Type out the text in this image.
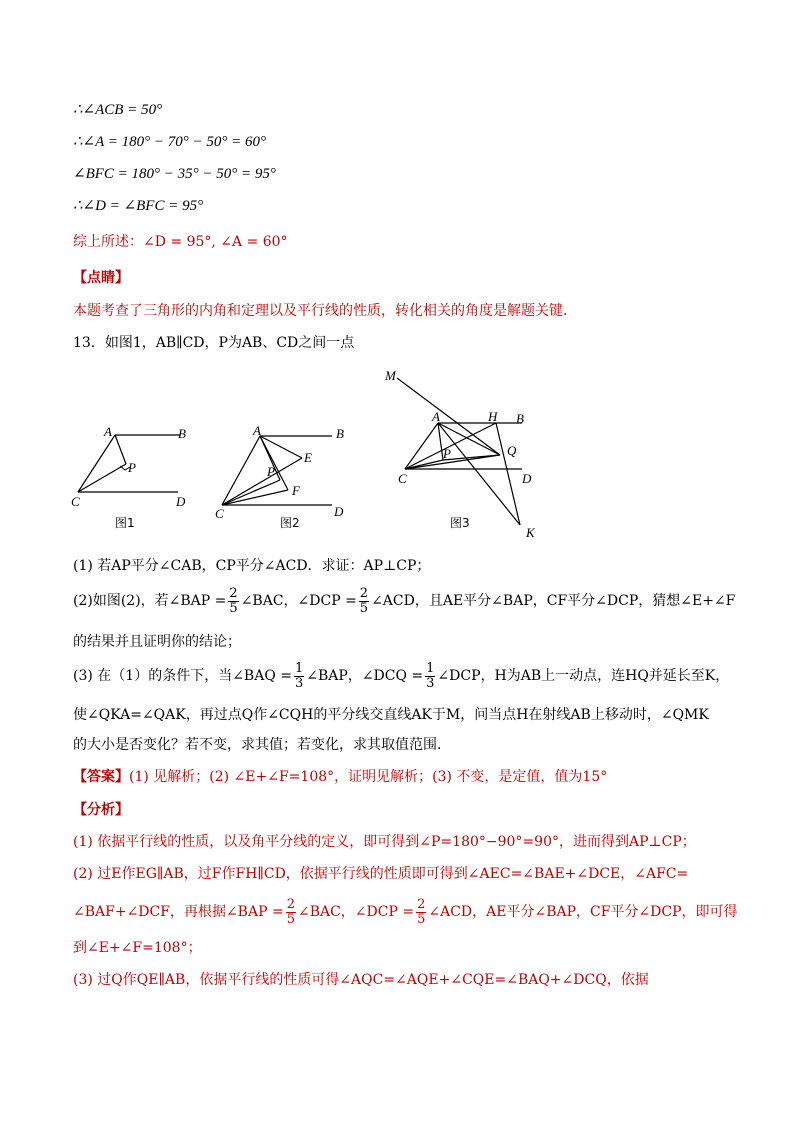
∴∠ACB = 50°
∴∠A = 180° − 70° − 50° = 60°
∠BFC = 180° − 35° − 50° = 95°
∴∠D = ∠BFC = 95°
综上所述：∠D = 95°, ∠A = 60°
【点睛】
本题考查了三角形的内角和定理以及平行线的性质，转化相关的角度是解题关键．
13．如图1，AB∥CD，P为AB、CD之间一点
A	B
C	D
P
图1
A	B
C	D
P
E
F
图2
M
A	H B
P	Q
C	D
K
图3
(1) 若AP平分∠CAB，CP平分∠ACD．求证：AP⊥CP；
(2)如图(2)，若∠BAP = $\frac{2}{5}$ ∠BAC，∠DCP = $\frac{2}{5}$ ∠ACD，且AE平分∠BAP，CF平分∠DCP，猜想∠E+∠F
的结果并且证明你的结论；
(3) 在（1）的条件下，当∠BAQ = $\frac{1}{3}$ ∠BAP，∠DCQ = $\frac{1}{3}$ ∠DCP，H为AB上一动点，连HQ并延长至K，
使∠QKA=∠QAK，再过点Q作∠CQH的平分线交直线AK于M，问当点H在射线AB上移动时，∠QMK
的大小是否变化？若不变，求其值；若变化，求其取值范围．
【答案】(1) 见解析；(2) ∠E+∠F=108°，证明见解析；(3) 不变，是定值，值为15°
【分析】
(1) 依据平行线的性质，以及角平分线的定义，即可得到∠P=180°−90°=90°，进而得到AP⊥CP；
(2) 过E作EG∥AB，过F作FH∥CD，依据平行线的性质即可得到∠AEC=∠BAE+∠DCE，∠AFC=
∠BAF+∠DCF，再根据∠BAP = $\frac{2}{5}$ ∠BAC，∠DCP = $\frac{2}{5}$ ∠ACD，AE平分∠BAP，CF平分∠DCP，即可得
到∠E+∠F=108°；
(3) 过Q作QE∥AB，依据平行线的性质可得∠AQC=∠AQE+∠CQE=∠BAQ+∠DCQ，依据
